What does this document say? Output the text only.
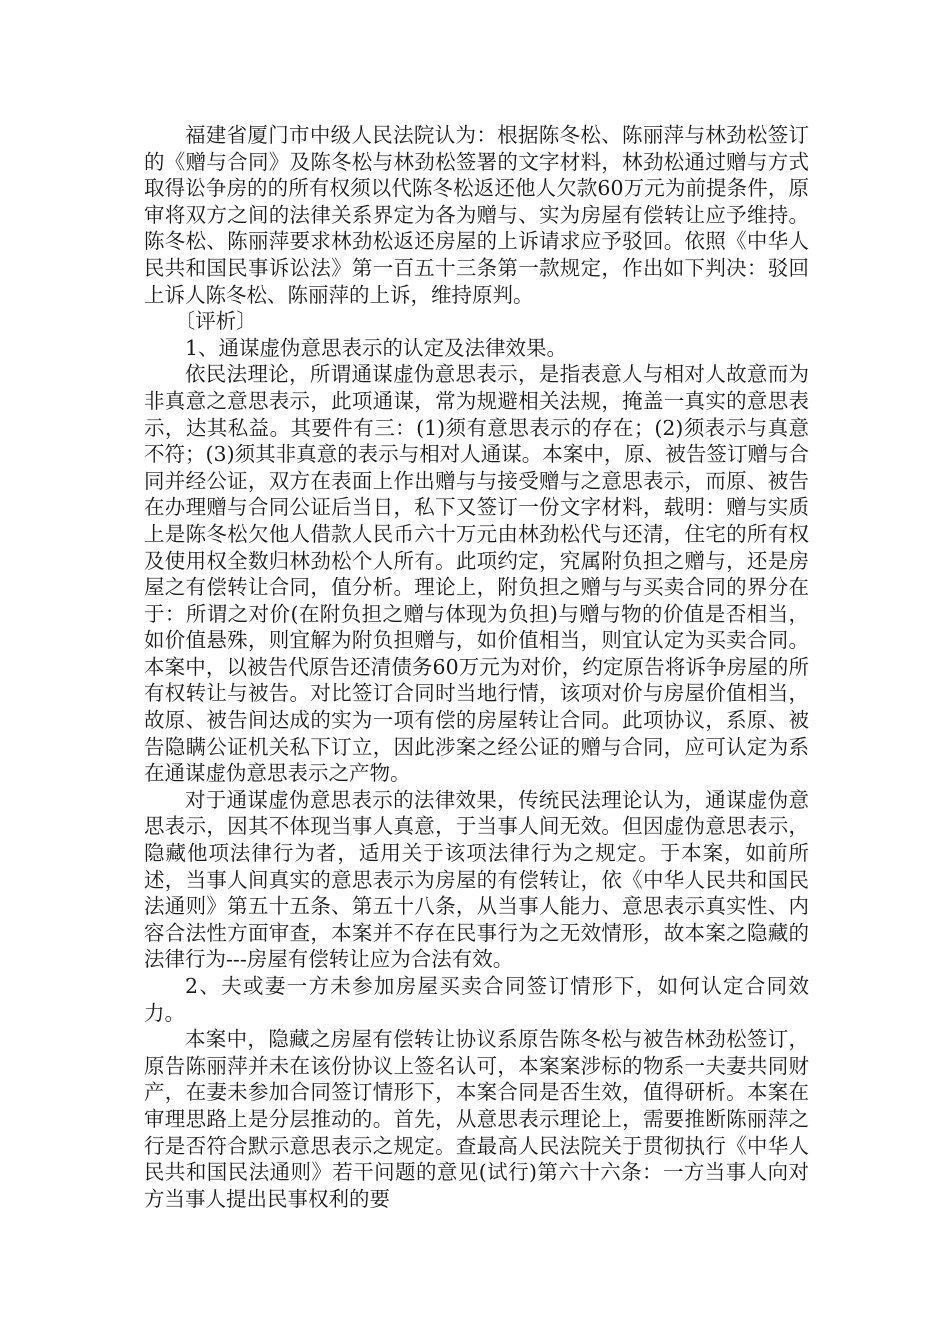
福建省厦门市中级人民法院认为：根据陈冬松、陈丽萍与林劲松签订的《赠与合同》及陈冬松与林劲松签署的文字材料，林劲松通过赠与方式取得讼争房的的所有权须以代陈冬松返还他人欠款60万元为前提条件，原审将双方之间的法律关系界定为各为赠与、实为房屋有偿转让应予维持。陈冬松、陈丽萍要求林劲松返还房屋的上诉请求应予驳回。依照《中华人民共和国民事诉讼法》第一百五十三条第一款规定，作出如下判决：驳回上诉人陈冬松、陈丽萍的上诉，维持原判。

〔评析〕

1、通谋虚伪意思表示的认定及法律效果。

依民法理论，所谓通谋虚伪意思表示，是指表意人与相对人故意而为非真意之意思表示，此项通谋，常为规避相关法规，掩盖一真实的意思表示，达其私益。其要件有三：(1)须有意思表示的存在；(2)须表示与真意不符；(3)须其非真意的表示与相对人通谋。本案中，原、被告签订赠与合同并经公证，双方在表面上作出赠与与接受赠与之意思表示，而原、被告在办理赠与合同公证后当日，私下又签订一份文字材料，载明：赠与实质上是陈冬松欠他人借款人民币六十万元由林劲松代与还清，住宅的所有权及使用权全数归林劲松个人所有。此项约定，究属附负担之赠与，还是房屋之有偿转让合同，值分析。理论上，附负担之赠与与买卖合同的界分在于：所谓之对价(在附负担之赠与体现为负担)与赠与物的价值是否相当，如价值悬殊，则宜解为附负担赠与，如价值相当，则宜认定为买卖合同。本案中，以被告代原告还清债务60万元为对价，约定原告将诉争房屋的所有权转让与被告。对比签订合同时当地行情，该项对价与房屋价值相当，故原、被告间达成的实为一项有偿的房屋转让合同。此项协议，系原、被告隐瞒公证机关私下订立，因此涉案之经公证的赠与合同，应可认定为系在通谋虚伪意思表示之产物。

对于通谋虚伪意思表示的法律效果，传统民法理论认为，通谋虚伪意思表示，因其不体现当事人真意，于当事人间无效。但因虚伪意思表示，隐藏他项法律行为者，适用关于该项法律行为之规定。于本案，如前所述，当事人间真实的意思表示为房屋的有偿转让，依《中华人民共和国民法通则》第五十五条、第五十八条，从当事人能力、意思表示真实性、内容合法性方面审查，本案并不存在民事行为之无效情形，故本案之隐藏的法律行为---房屋有偿转让应为合法有效。

2、夫或妻一方未参加房屋买卖合同签订情形下，如何认定合同效力。

本案中，隐藏之房屋有偿转让协议系原告陈冬松与被告林劲松签订，原告陈丽萍并未在该份协议上签名认可，本案案涉标的物系一夫妻共同财产，在妻未参加合同签订情形下，本案合同是否生效，值得研析。本案在审理思路上是分层推动的。首先，从意思表示理论上，需要推断陈丽萍之行是否符合默示意思表示之规定。查最高人民法院关于贯彻执行《中华人民共和国民法通则》若干问题的意见(试行)第六十六条：一方当事人向对方当事人提出民事权利的要
